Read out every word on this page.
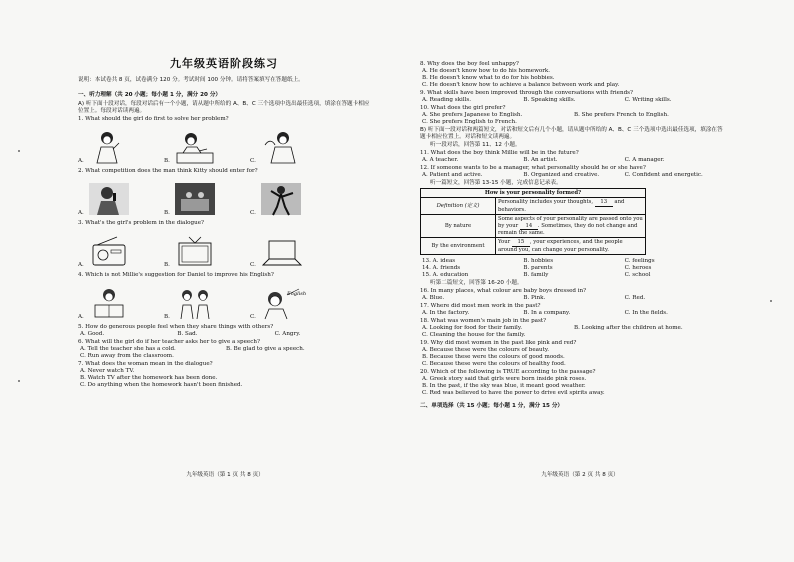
九年级英语阶段练习
说明：本试卷共 8 页，试卷满分 120 分。考试时间 100 分钟。请将答案填写在答题纸上。
一、听力理解（共 20 小题；每小题 1 分，满分 20 分）
A) 听下面十段对话，每段对话后有一个小题，请从题中所给的 A、B、C 三个选项中选出最佳选项，填涂在答题卡相应位置上。每段对话读两遍。
1. What should the girl do first to solve her problem?
A.	B.	C.
2. What competition does the man think Kitty should enter for?
A.	B.	C.
3. What's the girl's problem in the dialogue?
A.	B.	C.
4. Which is not Millie's suggestion for Daniel to improve his English?
A.	B.	C.
English
5. How do generous people feel when they share things with others?
A. Good.	B. Sad.	C. Angry.
6. What will the girl do if her teacher asks her to give a speech?
A. Tell the teacher she has a cold.	B. Be glad to give a speech.
C. Run away from the classroom.
7. What does the woman mean in the dialogue?
A. Never watch TV.
B. Watch TV after the homework has been done.
C. Do anything when the homework hasn't been finished.
九年级英语（第 1 页 共 8 页）
8. Why does the boy feel unhappy?
A. He doesn't know how to do his homework.
B. He doesn't know what to do for his hobbies.
C. He doesn't know how to achieve a balance between work and play.
9. What skills have been improved through the conversations with friends?
A. Reading skills.	B. Speaking skills.	C. Writing skills.
10. What does the girl prefer?
A. She prefers Japanese to English.	B. She prefers French to English.
C. She prefers English to French.
B) 听下面一段对话和两篇短文，对话和短文后有几个小题，请从题中所给的 A、B、C 三个选项中选出最佳选项，填涂在答题卡相应位置上。对话和短文读两遍。
听一段对话，回答第 11、12 小题。
11. What does the boy think Millie will be in the future?
A. A teacher.	B. An artist.	C. A manager.
12. If someone wants to be a manager, what personality should he or she have?
A. Patient and active.	B. Organized and creative.	C. Confident and energetic.
听一篇短文，回答第 13-15 小题，完成信息记录表。
How is your personality formed?	
Definition (定义)	Personality includes your thoughts, 13 and behaviors.
By nature	Some aspects of your personality are passed onto you by your 14 . Sometimes, they do not change and remain the same.
By the environment	Your 15 , your experiences, and the people around you, can change your personality.
13. A. ideas	B. hobbies	C. feelings
14. A. friends	B. parents	C. heroes
15. A. education	B. family	C. school
听第二篇短文，回答第 16-20 小题。
16. In many places, what colour are baby boys dressed in?
A. Blue.	B. Pink.	C. Red.
17. Where did most men work in the past?
A. In the factory.	B. In a company.	C. In the fields.
18. What was women's main job in the past?
A. Looking for food for their family.	B. Looking after the children at home.
C. Cleaning the house for the family.
19. Why did most women in the past like pink and red?
A. Because these were the colours of beauty.
B. Because these were the colours of good moods.
C. Because these were the colours of healthy food.
20. Which of the following is TRUE according to the passage?
A. Greek story said that girls were born inside pink roses.
B. In the past, if the sky was blue, it meant good weather.
C. Red was believed to have the power to drive evil spirits away.
二、单项选择（共 15 小题；每小题 1 分，满分 15 分）
九年级英语（第 2 页 共 8 页）
